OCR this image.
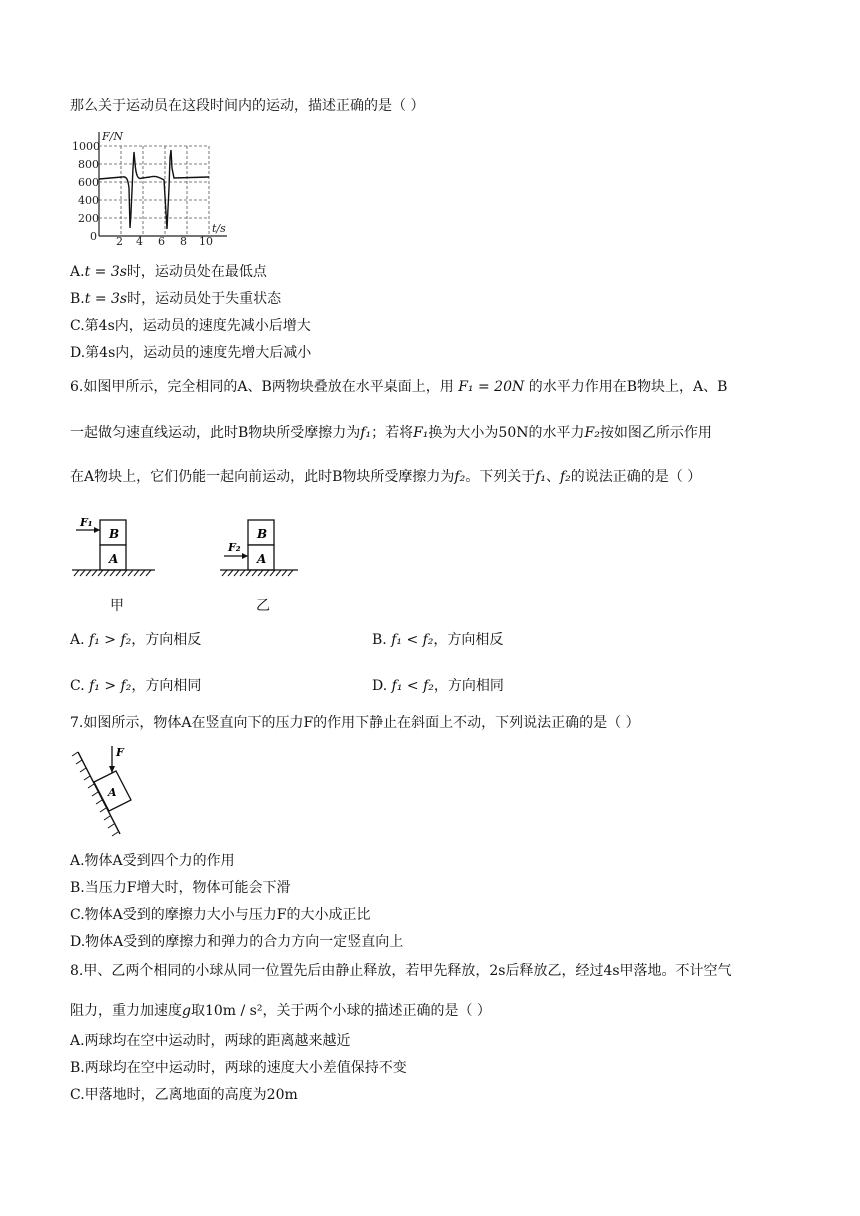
那么关于运动员在这段时间内的运动，描述正确的是（ ）
F/N
t/s
1000
800
600
400
200
0 2 4 6 8 10
A.t = 3s时，运动员处在最低点
B.t = 3s时，运动员处于失重状态
C.第4s内，运动员的速度先减小后增大
D.第4s内，运动员的速度先增大后减小
6.如图甲所示，完全相同的A、B两物块叠放在水平桌面上，用 F₁ = 20N 的水平力作用在B物块上，A、B
一起做匀速直线运动，此时B物块所受摩擦力为f₁；若将F₁换为大小为50N的水平力F₂按如图乙所示作用
在A物块上，它们仍能一起向前运动，此时B物块所受摩擦力为f₂。下列关于f₁、f₂的说法正确的是（ ）
F₁
B
A
甲
B
A
F₂
乙
A. f₁ > f₂，方向相反	B. f₁ < f₂，方向相反
C. f₁ > f₂，方向相同	D. f₁ < f₂，方向相同
7.如图所示，物体A在竖直向下的压力F的作用下静止在斜面上不动，下列说法正确的是（ ）
A
F
A.物体A受到四个力的作用
B.当压力F增大时，物体可能会下滑
C.物体A受到的摩擦力大小与压力F的大小成正比
D.物体A受到的摩擦力和弹力的合力方向一定竖直向上
8.甲、乙两个相同的小球从同一位置先后由静止释放，若甲先释放，2s后释放乙，经过4s甲落地。不计空气
阻力，重力加速度g取10m / s²，关于两个小球的描述正确的是（ ）
A.两球均在空中运动时，两球的距离越来越近
B.两球均在空中运动时，两球的速度大小差值保持不变
C.甲落地时，乙离地面的高度为20m
